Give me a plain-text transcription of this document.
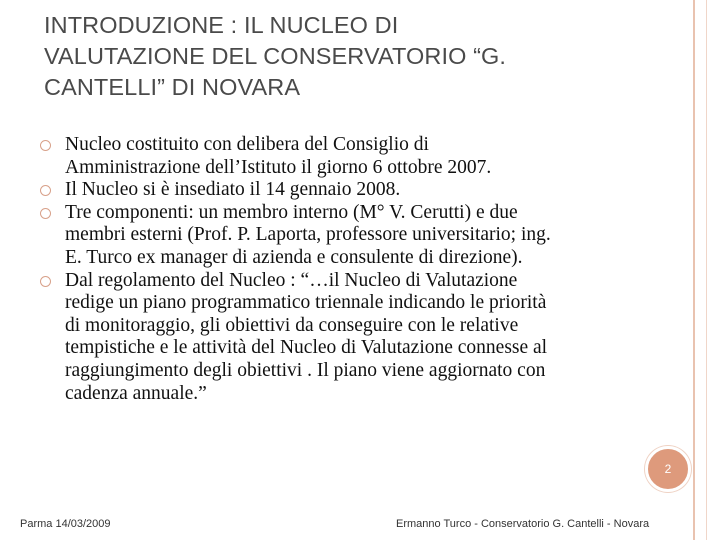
INTRODUZIONE : IL NUCLEO DI
VALUTAZIONE DEL CONSERVATORIO “G.
CANTELLI” DI NOVARA
Nucleo costituito con delibera del Consiglio di
Amministrazione dell’Istituto il giorno 6 ottobre 2007.
Il Nucleo si è insediato il 14 gennaio 2008.
Tre componenti: un membro interno (M° V. Cerutti) e due
membri esterni (Prof. P. Laporta, professore universitario; ing.
E. Turco ex manager di azienda e consulente di direzione).
Dal regolamento del Nucleo : “…il Nucleo di Valutazione
redige un piano programmatico triennale indicando le priorità
di monitoraggio, gli obiettivi da conseguire con le relative
tempistiche e le attività del Nucleo di Valutazione connesse al
raggiungimento degli obiettivi . Il piano viene aggiornato con
cadenza annuale.”
2
Parma 14/03/2009	Ermanno Turco - Conservatorio G. Cantelli - Novara
